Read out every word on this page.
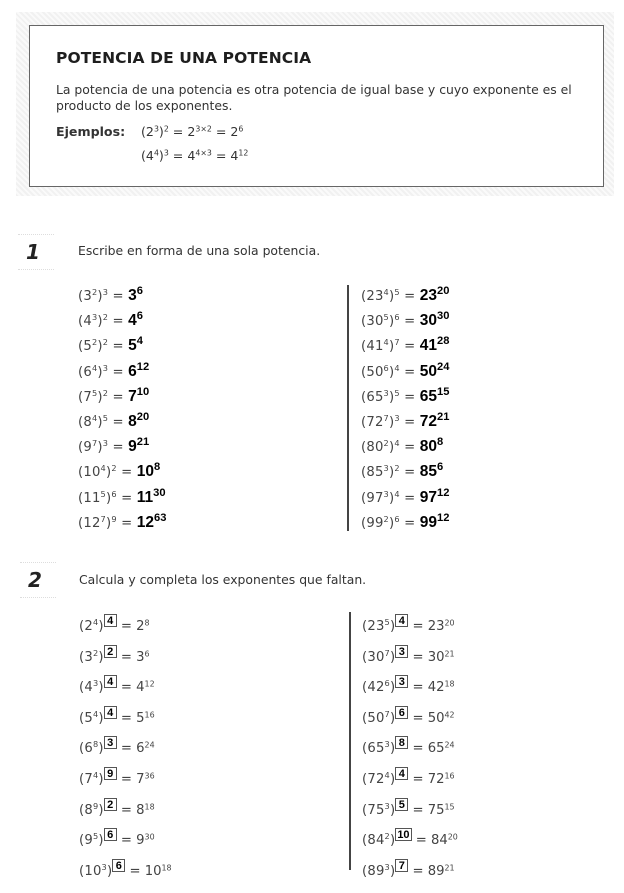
POTENCIA DE UNA POTENCIA

La potencia de una potencia es otra potencia de igual base y cuyo exponente es el producto de los exponentes.

Ejemplos: $(2^3)^2 = 2^{3\times 2} = 2^6$
$(4^4)^3 = 4^{4\times 3} = 4^{12}$
1	Escribe en forma de una sola potencia.
$(3^2)^3 = 3^6$
$(4^3)^2 = 4^6$
$(5^2)^2 = 5^4$
$(6^4)^3 = 6^{12}$
$(7^5)^2 = 7^{10}$
$(8^4)^5 = 8^{20}$
$(9^7)^3 = 9^{21}$
$(10^4)^2 = 10^8$
$(11^5)^6 = 11^{30}$
$(12^7)^9 = 12^{63}$
$(23^4)^5 = 23^{20}$
$(30^5)^6 = 30^{30}$
$(41^4)^7 = 41^{28}$
$(50^6)^4 = 50^{24}$
$(65^3)^5 = 65^{15}$
$(72^7)^3 = 72^{21}$
$(80^2)^4 = 80^8$
$(85^3)^2 = 85^6$
$(97^3)^4 = 97^{12}$
$(99^2)^6 = 99^{12}$
2	Calcula y completa los exponentes que faltan.
$(2^4) 4 = 2^8$
$(3^2) 2 = 3^6$
$(4^3) 4 = 4^{12}$
$(5^4) 4 = 5^{16}$
$(6^8) 3 = 6^{24}$
$(7^4) 9 = 7^{36}$
$(8^9) 2 = 8^{18}$
$(9^5) 6 = 9^{30}$
$(10^3) 6 = 10^{18}$
$(23^5) 4 = 23^{20}$
$(30^7) 3 = 30^{21}$
$(42^6) 3 = 42^{18}$
$(50^7) 6 = 50^{42}$
$(65^3) 8 = 65^{24}$
$(72^4) 4 = 72^{16}$
$(75^3) 5 = 75^{15}$
$(84^2) 10 = 84^{20}$
$(89^3) 7 = 89^{21}$
